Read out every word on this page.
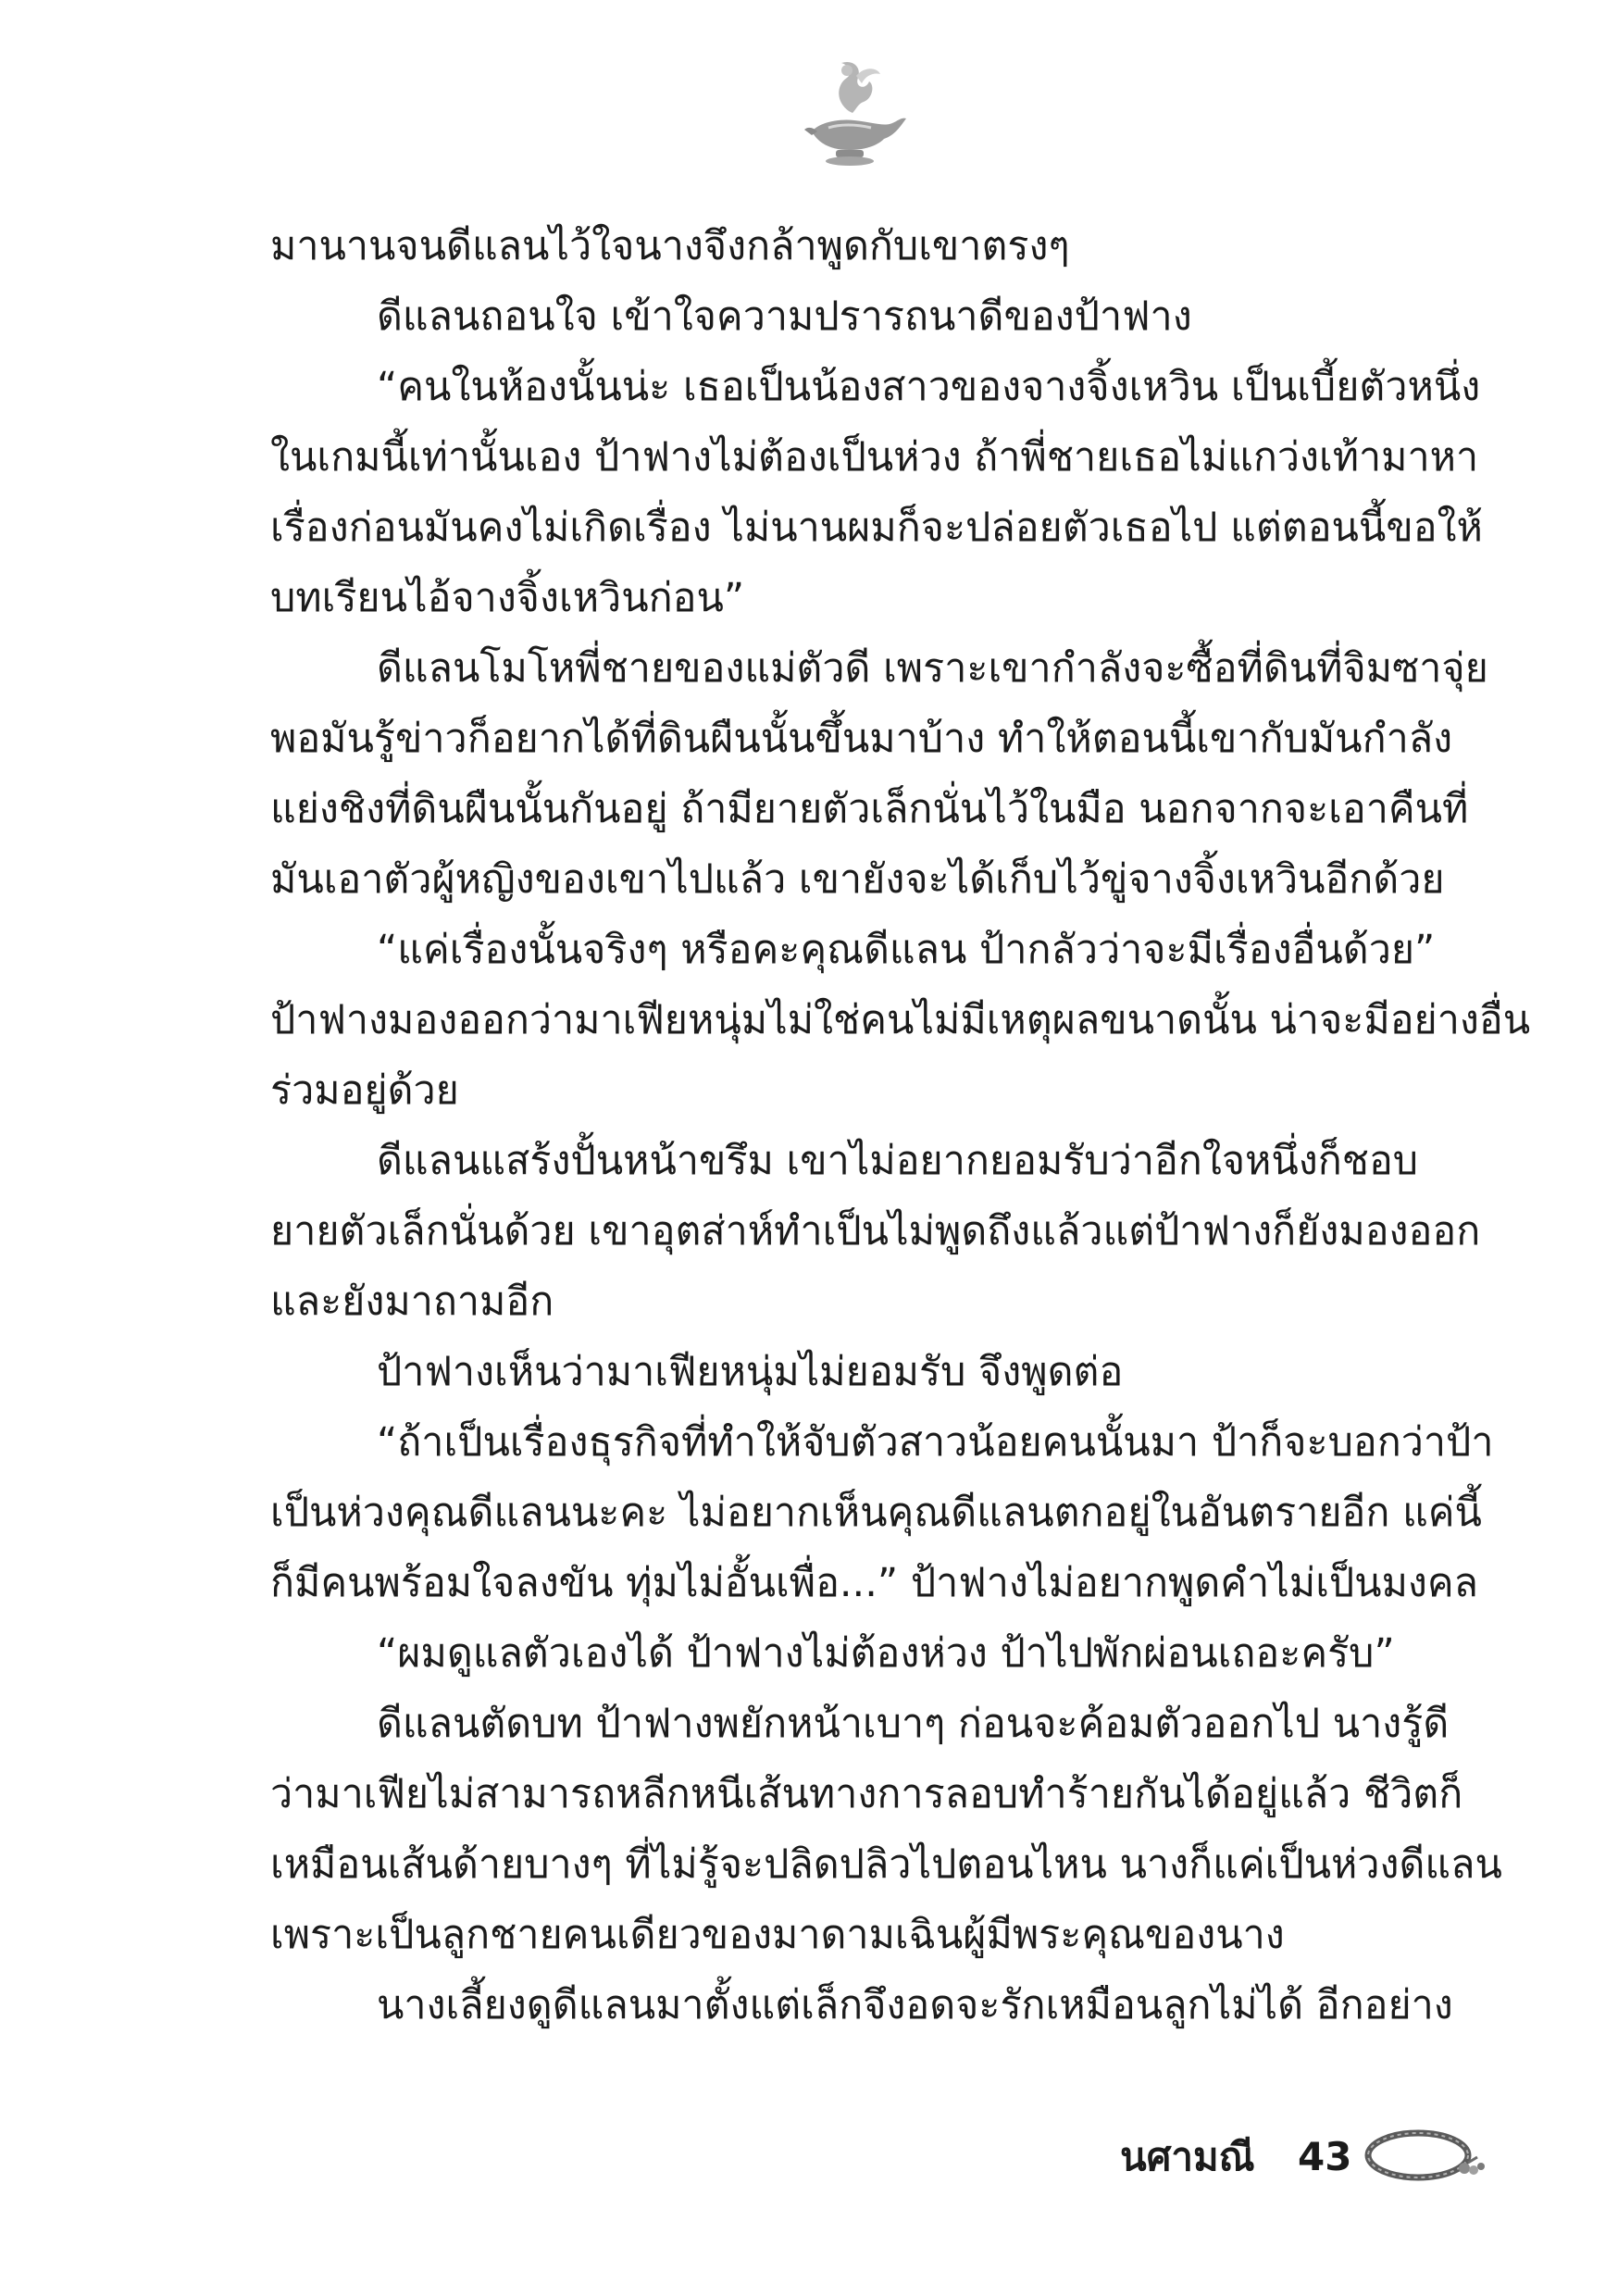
มานานจนดีแลนไว้ใจนางจึงกล้าพูดกับเขาตรงๆ
ดีแลนถอนใจ เข้าใจความปรารถนาดีของป้าฟาง
“คนในห้องนั้นน่ะ เธอเป็นน้องสาวของจางจิ้งเหวิน เป็นเบี้ยตัวหนึ่ง
ในเกมนี้เท่านั้นเอง ป้าฟางไม่ต้องเป็นห่วง ถ้าพี่ชายเธอไม่แกว่งเท้ามาหา
เรื่องก่อนมันคงไม่เกิดเรื่อง ไม่นานผมก็จะปล่อยตัวเธอไป แต่ตอนนี้ขอให้
บทเรียนไอ้จางจิ้งเหวินก่อน”
ดีแลนโมโหพี่ชายของแม่ตัวดี เพราะเขากำลังจะซื้อที่ดินที่จิมซาจุ่ย
พอมันรู้ข่าวก็อยากได้ที่ดินผืนนั้นขึ้นมาบ้าง ทำให้ตอนนี้เขากับมันกำลัง
แย่งชิงที่ดินผืนนั้นกันอยู่ ถ้ามียายตัวเล็กนั่นไว้ในมือ นอกจากจะเอาคืนที่
มันเอาตัวผู้หญิงของเขาไปแล้ว เขายังจะได้เก็บไว้ขู่จางจิ้งเหวินอีกด้วย
“แค่เรื่องนั้นจริงๆ หรือคะคุณดีแลน ป้ากลัวว่าจะมีเรื่องอื่นด้วย”
ป้าฟางมองออกว่ามาเฟียหนุ่มไม่ใช่คนไม่มีเหตุผลขนาดนั้น น่าจะมีอย่างอื่น
ร่วมอยู่ด้วย
ดีแลนแสร้งปั้นหน้าขรึม เขาไม่อยากยอมรับว่าอีกใจหนึ่งก็ชอบ
ยายตัวเล็กนั่นด้วย เขาอุตส่าห์ทำเป็นไม่พูดถึงแล้วแต่ป้าฟางก็ยังมองออก
และยังมาถามอีก
ป้าฟางเห็นว่ามาเฟียหนุ่มไม่ยอมรับ จึงพูดต่อ
“ถ้าเป็นเรื่องธุรกิจที่ทำให้จับตัวสาวน้อยคนนั้นมา ป้าก็จะบอกว่าป้า
เป็นห่วงคุณดีแลนนะคะ ไม่อยากเห็นคุณดีแลนตกอยู่ในอันตรายอีก แค่นี้
ก็มีคนพร้อมใจลงขัน ทุ่มไม่อั้นเพื่อ...” ป้าฟางไม่อยากพูดคำไม่เป็นมงคล
“ผมดูแลตัวเองได้ ป้าฟางไม่ต้องห่วง ป้าไปพักผ่อนเถอะครับ”
ดีแลนตัดบท ป้าฟางพยักหน้าเบาๆ ก่อนจะค้อมตัวออกไป นางรู้ดี
ว่ามาเฟียไม่สามารถหลีกหนีเส้นทางการลอบทำร้ายกันได้อยู่แล้ว ชีวิตก็
เหมือนเส้นด้ายบางๆ ที่ไม่รู้จะปลิดปลิวไปตอนไหน นางก็แค่เป็นห่วงดีแลน
เพราะเป็นลูกชายคนเดียวของมาดามเฉินผู้มีพระคุณของนาง
นางเลี้ยงดูดีแลนมาตั้งแต่เล็กจึงอดจะรักเหมือนลูกไม่ได้ อีกอย่าง
นศามณี 43
